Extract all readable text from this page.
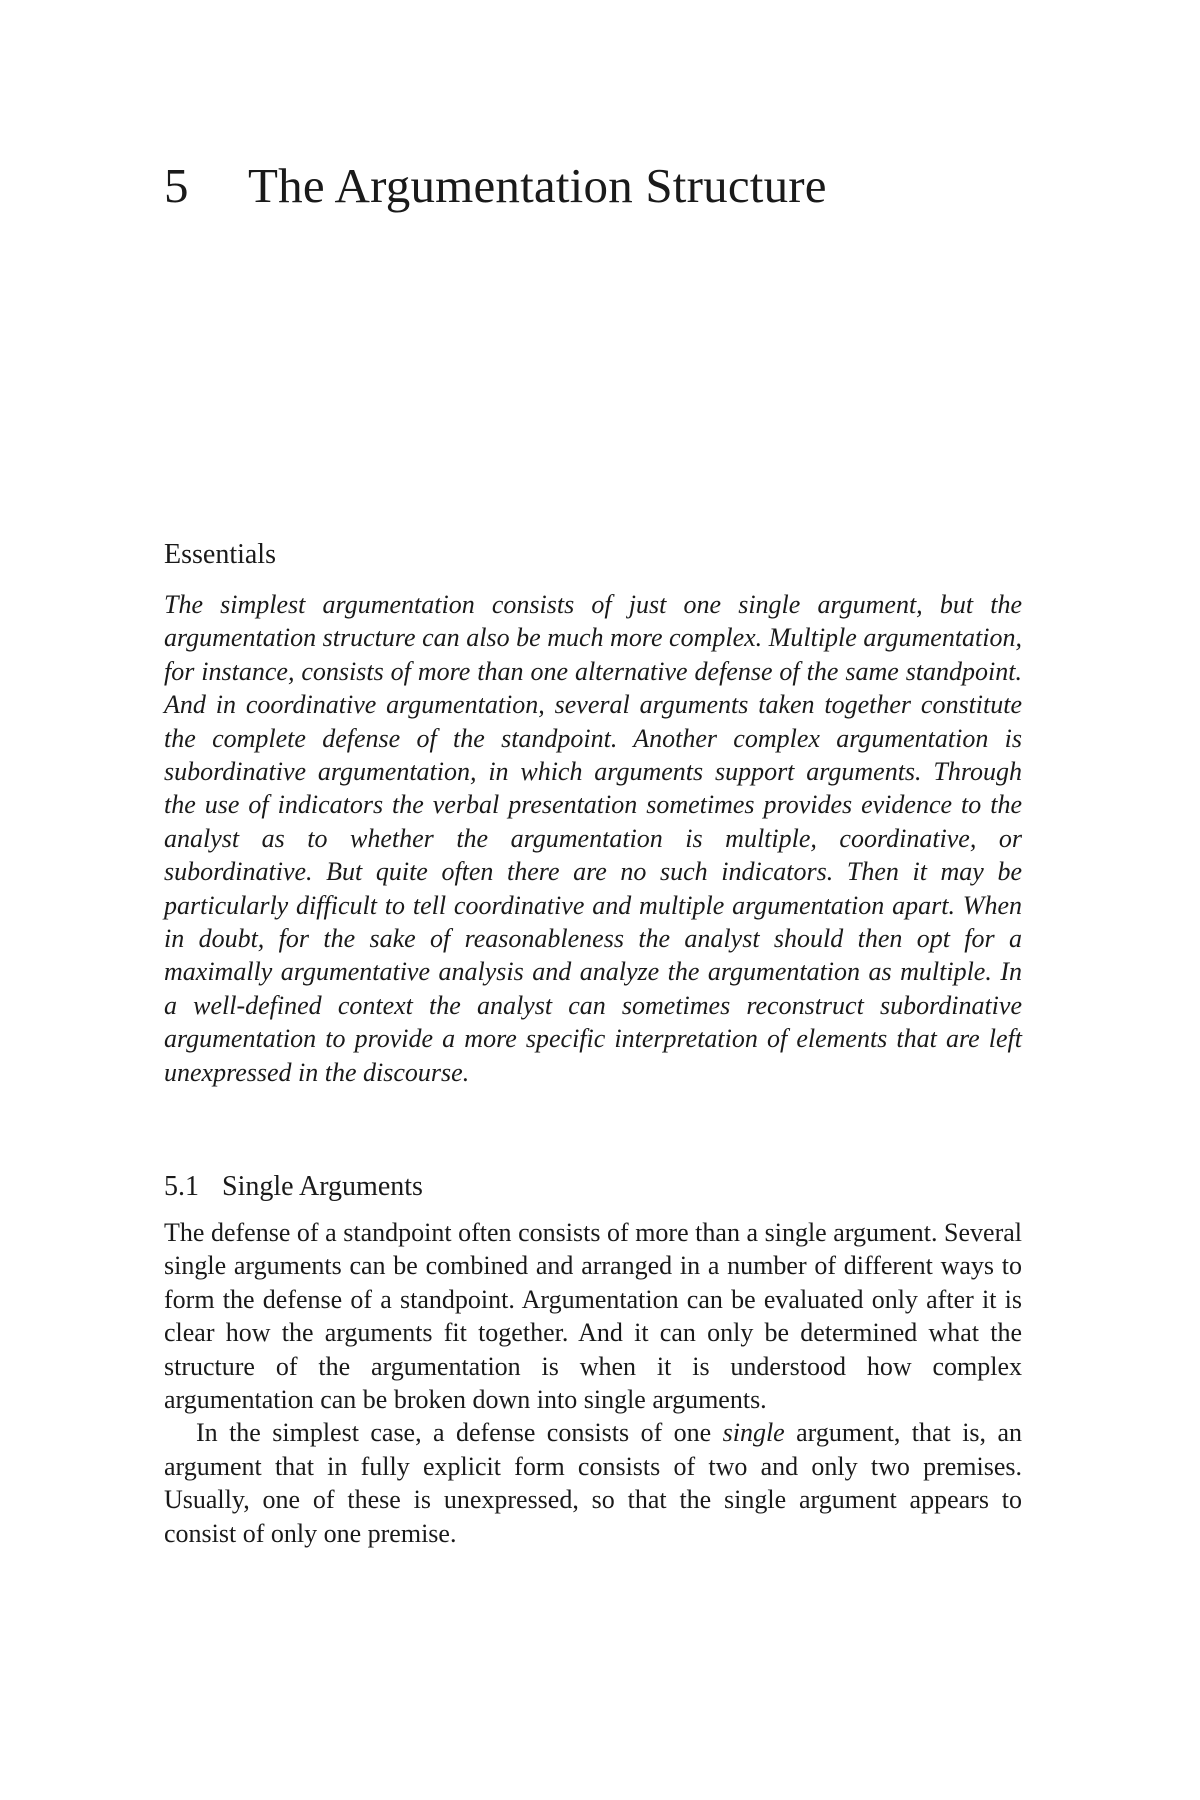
5 The Argumentation Structure
Essentials

The simplest argumentation consists of just one single argument, but the argumentation structure can also be much more complex. Multiple argumentation, for instance, consists of more than one alternative defense of the same standpoint. And in coordinative argumentation, several arguments taken together constitute the complete defense of the standpoint. Another complex argumentation is subordinative argumentation, in which arguments support arguments. Through the use of indicators the verbal presentation sometimes provides evidence to the analyst as to whether the argumentation is multiple, coordinative, or subordinative. But quite often there are no such indicators. Then it may be particularly difficult to tell coordinative and multiple argumentation apart. When in doubt, for the sake of reasonableness the analyst should then opt for a maximally argumentative analysis and analyze the argumentation as multiple. In a well-defined context the analyst can sometimes reconstruct subordinative argumentation to provide a more specific interpretation of elements that are left unexpressed in the discourse.

5.1 Single Arguments

The defense of a standpoint often consists of more than a single argument. Several single arguments can be combined and arranged in a number of different ways to form the defense of a standpoint. Argumentation can be evaluated only after it is clear how the arguments fit together. And it can only be determined what the structure of the argumentation is when it is understood how complex argumentation can be broken down into single arguments.

In the simplest case, a defense consists of one single argument, that is, an argument that in fully explicit form consists of two and only two premises. Usually, one of these is unexpressed, so that the single argument appears to consist of only one premise.
